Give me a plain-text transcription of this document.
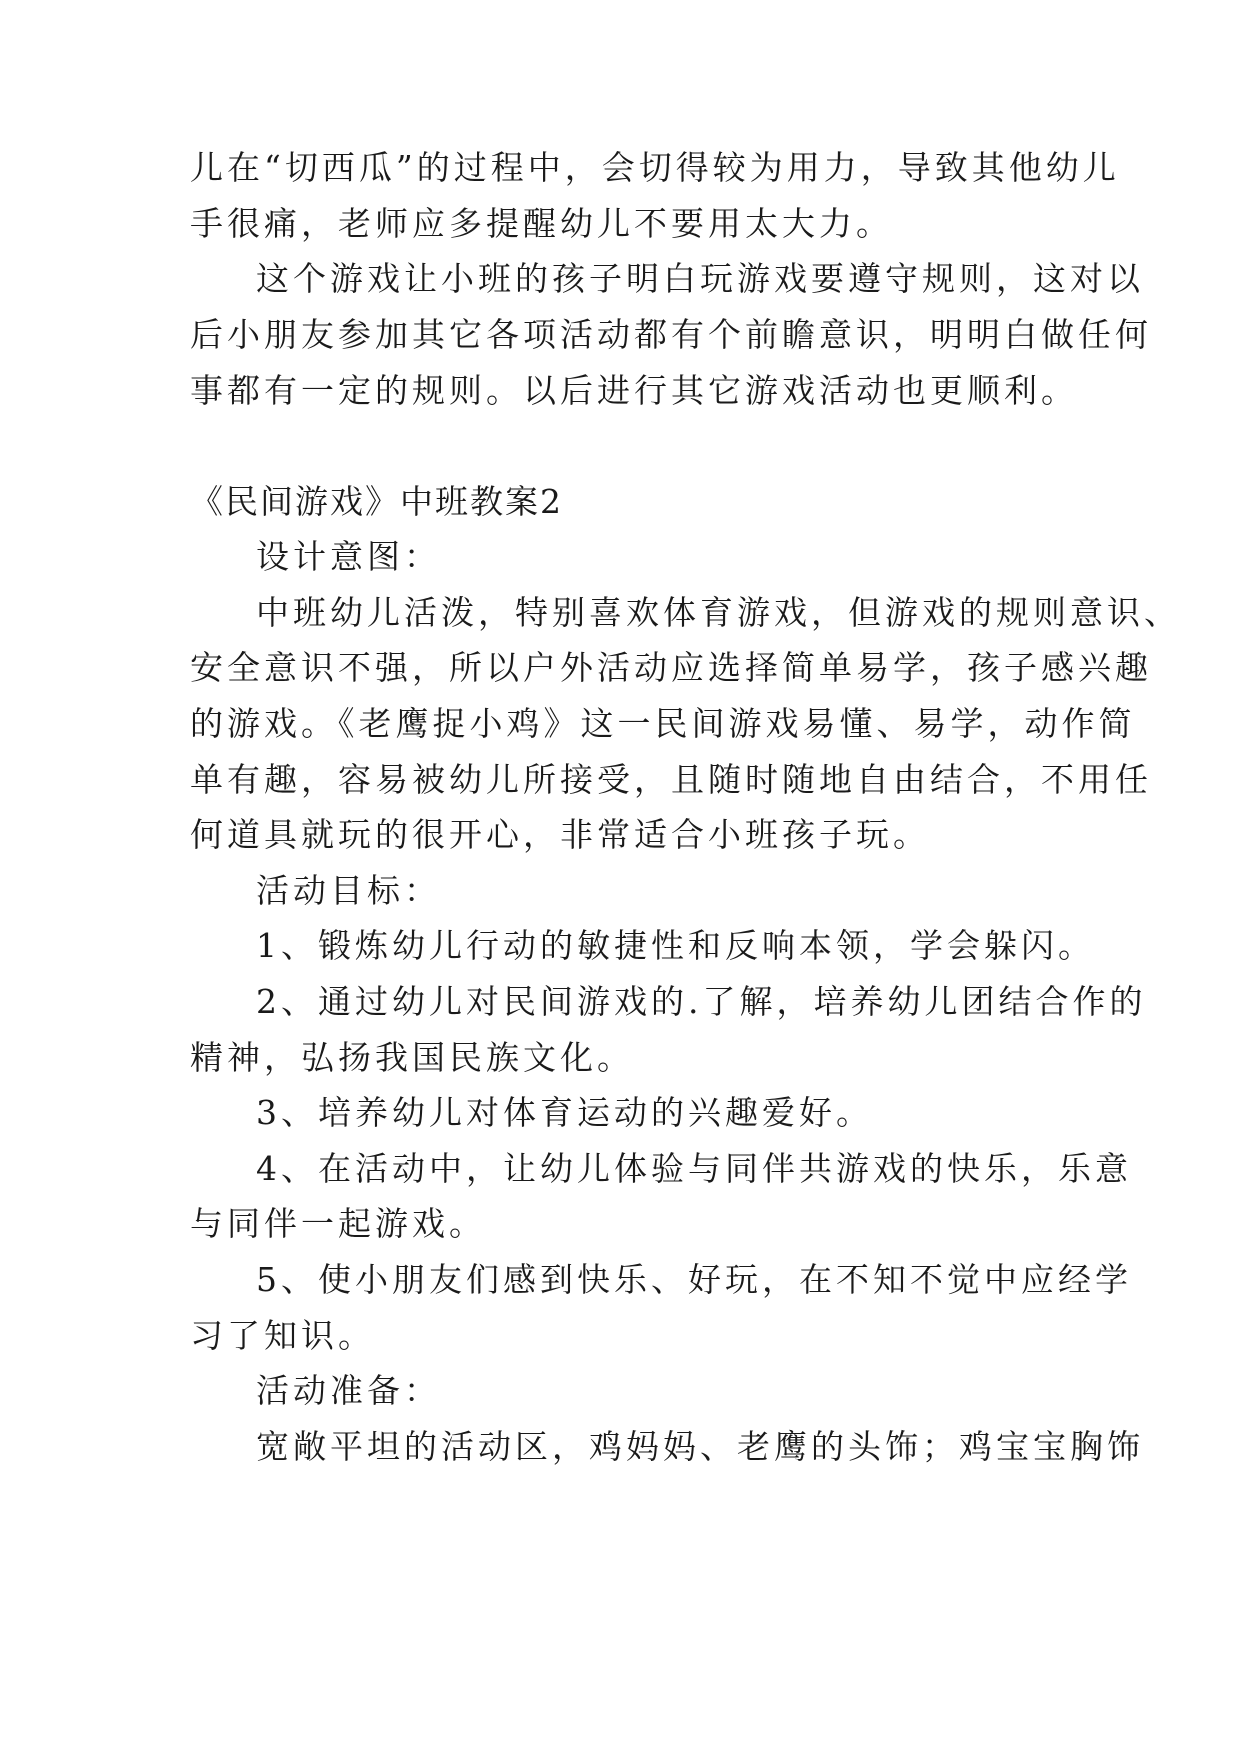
儿在“切西瓜”的过程中，会切得较为用力，导致其他幼儿
手很痛，老师应多提醒幼儿不要用太大力。
这个游戏让小班的孩子明白玩游戏要遵守规则，这对以
后小朋友参加其它各项活动都有个前瞻意识，明明白做任何
事都有一定的规则。以后进行其它游戏活动也更顺利。
《民间游戏》中班教案2
设计意图：
中班幼儿活泼，特别喜欢体育游戏，但游戏的规则意识、
安全意识不强，所以户外活动应选择简单易学，孩子感兴趣
的游戏。《老鹰捉小鸡》这一民间游戏易懂、易学，动作简
单有趣，容易被幼儿所接受，且随时随地自由结合，不用任
何道具就玩的很开心，非常适合小班孩子玩。
活动目标：
1、锻炼幼儿行动的敏捷性和反响本领，学会躲闪。
2、通过幼儿对民间游戏的.了解，培养幼儿团结合作的
精神，弘扬我国民族文化。
3、培养幼儿对体育运动的兴趣爱好。
4、在活动中，让幼儿体验与同伴共游戏的快乐，乐意
与同伴一起游戏。
5、使小朋友们感到快乐、好玩，在不知不觉中应经学
习了知识。
活动准备：
宽敞平坦的活动区，鸡妈妈、老鹰的头饰；鸡宝宝胸饰
